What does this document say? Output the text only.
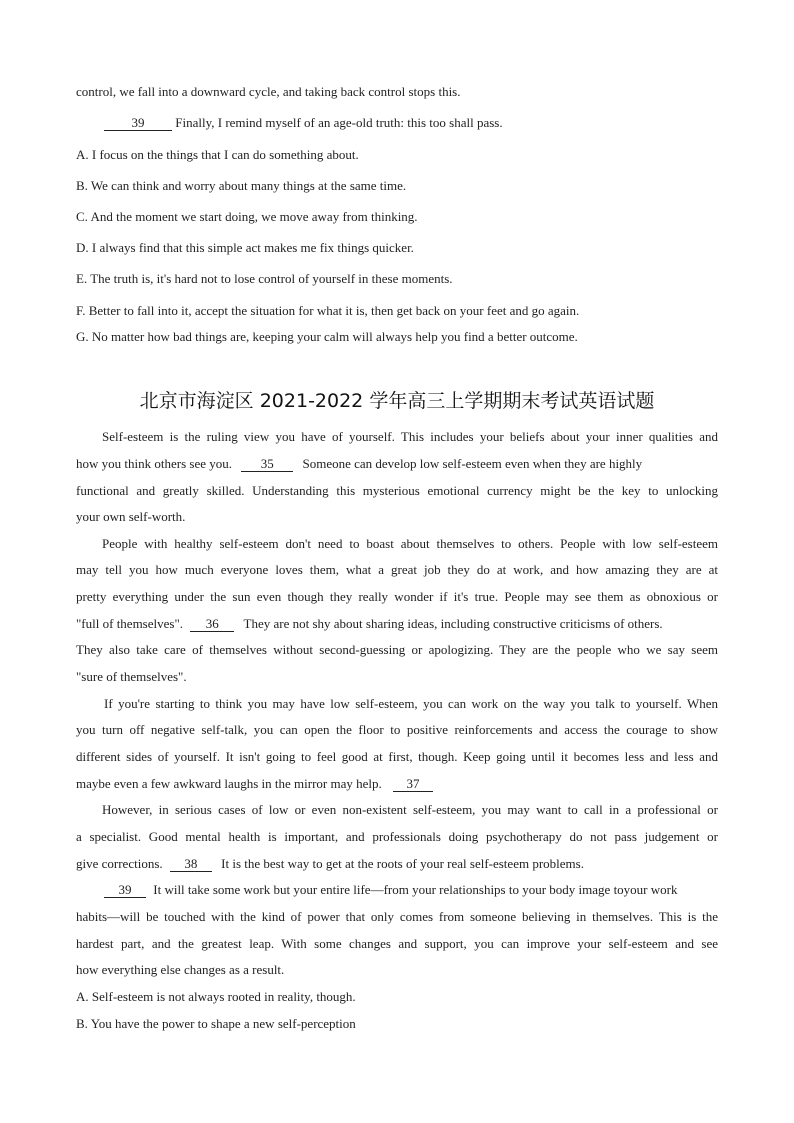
control, we fall into a downward cycle, and taking back control stops this.
39 Finally, I remind myself of an age-old truth: this too shall pass.
A. I focus on the things that I can do something about.
B. We can think and worry about many things at the same time.
C. And the moment we start doing, we move away from thinking.
D. I always find that this simple act makes me fix things quicker.
E. The truth is, it's hard not to lose control of yourself in these moments.
F. Better to fall into it, accept the situation for what it is, then get back on your feet and go again.
G. No matter how bad things are, keeping your calm will always help you find a better outcome.
北京市海淀区 2021-2022 学年高三上学期期末考试英语试题
Self-esteem is the ruling view you have of yourself. This includes your beliefs about your inner qualities and
how you think others see you. 35 Someone can develop low self-esteem even when they are highly
functional and greatly skilled. Understanding this mysterious emotional currency might be the key to unlocking
your own self-worth.
People with healthy self-esteem don't need to boast about themselves to others. People with low self-esteem
may tell you how much everyone loves them, what a great job they do at work, and how amazing they are at
pretty everything under the sun even though they really wonder if it's true. People may see them as obnoxious or
"full of themselves". 36 They are not shy about sharing ideas, including constructive criticisms of others.
They also take care of themselves without second-guessing or apologizing. They are the people who we say seem
"sure of themselves".
If you're starting to think you may have low self-esteem, you can work on the way you talk to yourself. When
you turn off negative self-talk, you can open the floor to positive reinforcements and access the courage to show
different sides of yourself. It isn't going to feel good at first, though. Keep going until it becomes less and less and
maybe even a few awkward laughs in the mirror may help. 37
However, in serious cases of low or even non-existent self-esteem, you may want to call in a professional or
a specialist. Good mental health is important, and professionals doing psychotherapy do not pass judgement or
give corrections. 38 It is the best way to get at the roots of your real self-esteem problems.
39 It will take some work but your entire life—from your relationships to your body image toyour work
habits—will be touched with the kind of power that only comes from someone believing in themselves. This is the
hardest part, and the greatest leap. With some changes and support, you can improve your self-esteem and see
how everything else changes as a result.
A. Self-esteem is not always rooted in reality, though.
B. You have the power to shape a new self-perception
